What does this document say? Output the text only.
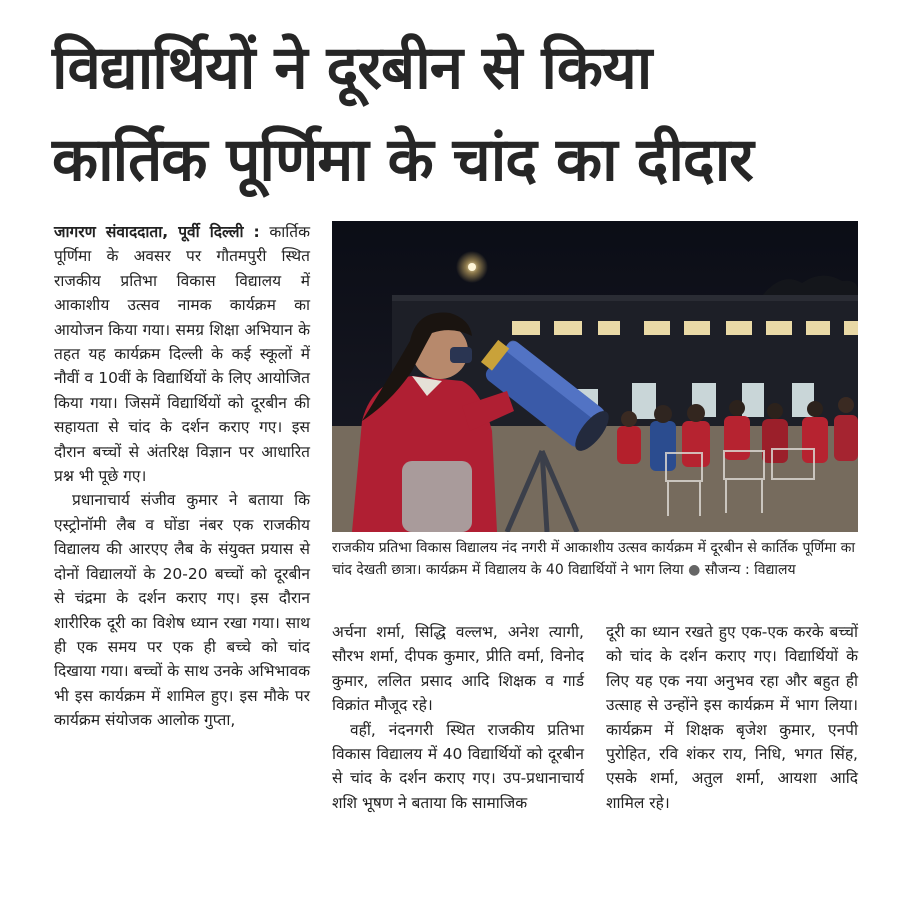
विद्यार्थियों ने दूरबीन से किया
कार्तिक पूर्णिमा के चांद का दीदार

जागरण संवाददाता, पूर्वी दिल्ली : कार्तिक पूर्णिमा के अवसर पर गौतमपुरी स्थित राजकीय प्रतिभा विकास विद्यालय में आकाशीय उत्सव नामक कार्यक्रम का आयोजन किया गया। समग्र शिक्षा अभियान के तहत यह कार्यक्रम दिल्ली के कई स्कूलों में नौवीं व 10वीं के विद्यार्थियों के लिए आयोजित किया गया। जिसमें विद्यार्थियों को दूरबीन की सहायता से चांद के दर्शन कराए गए। इस दौरान बच्चों से अंतरिक्ष विज्ञान पर आधारित प्रश्न भी पूछे गए।

प्रधानाचार्य संजीव कुमार ने बताया कि एस्ट्रोनॉमी लैब व घोंडा नंबर एक राजकीय विद्यालय की आरएए लैब के संयुक्त प्रयास से दोनों विद्यालयों के 20-20 बच्चों को दूरबीन से चंद्रमा के दर्शन कराए गए। इस दौरान शारीरिक दूरी का विशेष ध्यान रखा गया। साथ ही एक समय पर एक ही बच्चे को चांद दिखाया गया। बच्चों के साथ उनके अभिभावक भी इस कार्यक्रम में शामिल हुए। इस मौके पर कार्यक्रम संयोजक आलोक गुप्ता,

राजकीय प्रतिभा विकास विद्यालय नंद नगरी में आकाशीय उत्सव कार्यक्रम में दूरबीन से कार्तिक पूर्णिमा का चांद देखती छात्रा। कार्यक्रम में विद्यालय के 40 विद्यार्थियों ने भाग लिया ● सौजन्य : विद्यालय

अर्चना शर्मा, सिद्धि वल्लभ, अनेश त्यागी, सौरभ शर्मा, दीपक कुमार, प्रीति वर्मा, विनोद कुमार, ललित प्रसाद आदि शिक्षक व गार्ड विक्रांत मौजूद रहे।

वहीं, नंदनगरी स्थित राजकीय प्रतिभा विकास विद्यालय में 40 विद्यार्थियों को दूरबीन से चांद के दर्शन कराए गए। उप-प्रधानाचार्य शशि भूषण ने बताया कि सामाजिक

दूरी का ध्यान रखते हुए एक-एक करके बच्चों को चांद के दर्शन कराए गए। विद्यार्थियों के लिए यह एक नया अनुभव रहा और बहुत ही उत्साह से उन्होंने इस कार्यक्रम में भाग लिया। कार्यक्रम में शिक्षक बृजेश कुमार, एनपी पुरोहित, रवि शंकर राय, निधि, भगत सिंह, एसके शर्मा, अतुल शर्मा, आयशा आदि शामिल रहे।
